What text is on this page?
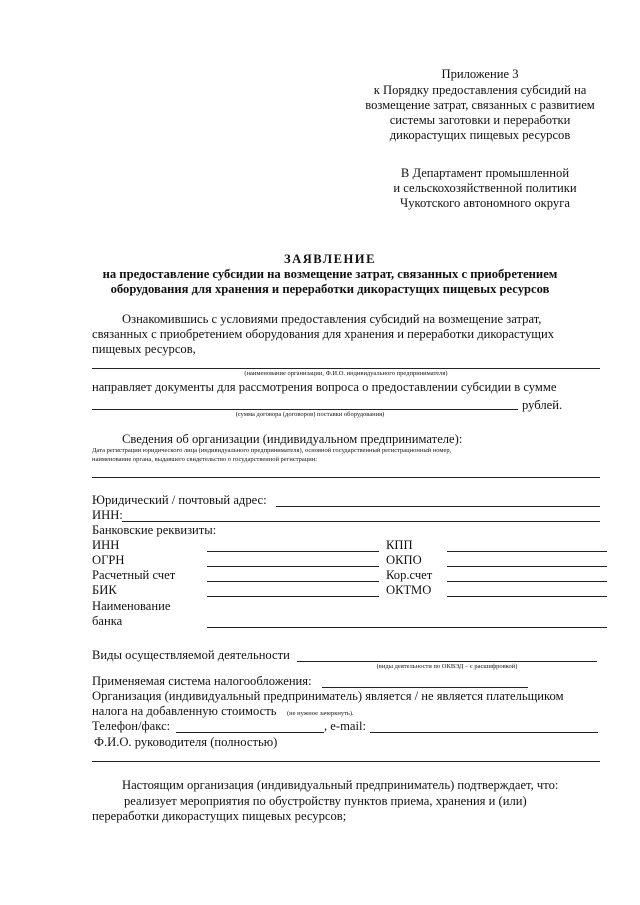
Приложение 3
к Порядку предоставления субсидий на
возмещение затрат, связанных с развитием
системы заготовки и переработки
дикорастущих пищевых ресурсов
В Департамент промышленной
и сельскохозяйственной политики
Чукотского автономного округа
ЗАЯВЛЕНИЕ
на предоставление субсидии на возмещение затрат, связанных с приобретением
оборудования для хранения и переработки дикорастущих пищевых ресурсов
Ознакомившись с условиями предоставления субсидий на возмещение затрат,
связанных с приобретением оборудования для хранения и переработки дикорастущих
пищевых ресурсов,
(наименование организации, Ф.И.О. индивидуального предпринимателя)
направляет документы для рассмотрения вопроса о предоставлении субсидии в сумме
рублей.
(сумма договора (договоров) поставки оборудования)
Сведения об организации (индивидуальном предпринимателе):
Дата регистрации юридического лица (индивидуального предпринимателя), основной государственный регистрационный номер,
наименование органа, выдавшего свидетельство о государственной регистрации:
Юридический / почтовый адрес:
ИНН:
Банковские реквизиты:
ИНН	КПП
ОГРН	ОКПО
Расчетный счет	Кор.счет
БИК	ОКТМО
Наименование
банка
Виды осуществляемой деятельности
(виды деятельности по ОКВЭД – с расшифровкой)
Применяемая система налогообложения:
Организация (индивидуальный предприниматель) является / не является плательщиком
налога на добавленную стоимость (не нужное зачеркнуть).
Телефон/факс:	, e-mail:
Ф.И.О. руководителя (полностью)
Настоящим организация (индивидуальный предприниматель) подтверждает, что:
реализует мероприятия по обустройству пунктов приема, хранения и (или)
переработки дикорастущих пищевых ресурсов;
